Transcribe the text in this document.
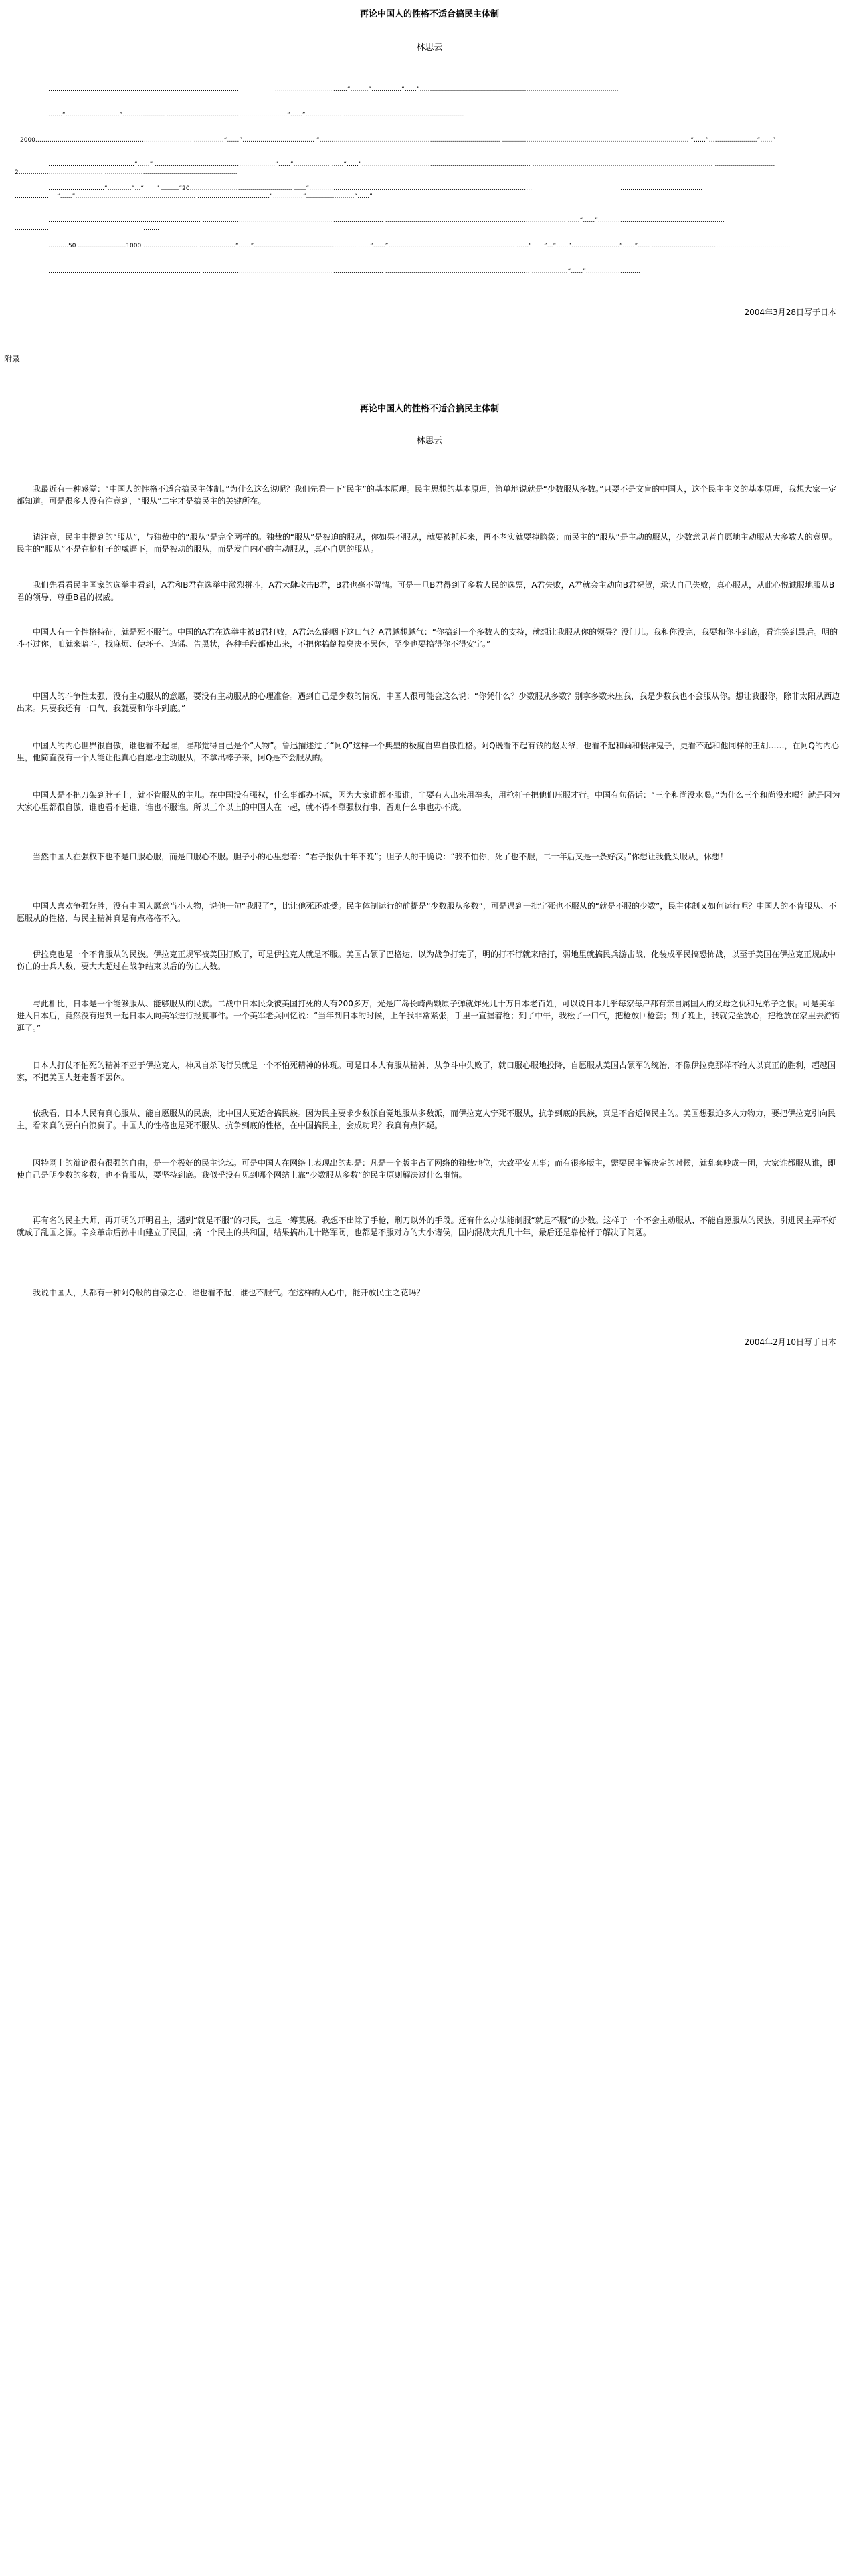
再论中国人的性格不适合搞民主体制

林思云

……………………………………………………………………………………………………………… ………………………………“………”……………“……”………………………………………………………………………………………

…………………“………………………”………………… ……………………………………………………“……”……………… ……………………………………………………

2000…………………………………………………………………… ……………“……”……………………………… “……………………………………………………………………………… ………………………………………………………………………………… “……”……………………“……”

…………………………………………………“……” ……………………………………………………“……”……………… ……“……”………………………………………………………………………… ……………………………………………………………………………… …………………………2…………………………………… …………………………………………………………

……………………………………“…………”…“……” ………“20…………………………………………… ……“………………………………………………………………………………………………… ………………………………………………………………………… …………………“……”…………………………………………………… ………………………………“……………”……………………“……”

……………………………………………………………………………… ……………………………………………………………………………… ……………………………………………………………………………… ……“……”……………………………………………………… ………………………………………………………………

……………………50 ……………………1000 ……………………… ………………“……”…………………………………………… ……“……”……………………………………………………… ……“……”…“……”……………………“……”…… ……………………………………………………………

……………………………………………………………………………… ……………………………………………………………………………… ……………………………………………………………… ………………“……”………………………

2004年3月28日写于日本

附录

再论中国人的性格不适合搞民主体制

林思云

我最近有一种感觉：“中国人的性格不适合搞民主体制。”为什么这么说呢？我们先看一下“民主”的基本原理。民主思想的基本原理，简单地说就是“少数服从多数。”只要不是文盲的中国人，这个民主主义的基本原理，我想大家一定都知道。可是很多人没有注意到，“服从”二字才是搞民主的关键所在。

请注意，民主中提到的“服从”，与独裁中的“服从”是完全两样的。独裁的“服从”是被迫的服从，你如果不服从，就要被抓起来，再不老实就要掉脑袋；而民主的“服从”是主动的服从，少数意见者自愿地主动服从大多数人的意见。民主的“服从”不是在枪杆子的威逼下，而是被动的服从，而是发自内心的主动服从，真心自愿的服从。

我们先看看民主国家的选举中看到，A君和B君在选举中激烈拼斗，A君大肆攻击B君，B君也毫不留情。可是一旦B君得到了多数人民的选票，A君失败，A君就会主动向B君祝贺，承认自己失败，真心服从，从此心悦诚服地服从B君的领导，尊重B君的权威。

中国人有一个性格特征，就是死不服气。中国的A君在选举中被B君打败，A君怎么能咽下这口气？A君越想越气：“你搞到一个多数人的支持，就想让我服从你的领导？没门儿。我和你没完，我要和你斗到底，看谁笑到最后。明的斗不过你，咱就来暗斗，找麻烦、使坏子、造谣、告黑状，各种手段都使出来，不把你搞倒搞臭决不罢休，至少也要搞得你不得安宁。”

中国人的斗争性太强，没有主动服从的意愿，要没有主动服从的心理准备。遇到自己是少数的情况，中国人很可能会这么说：“你凭什么？少数服从多数？别拿多数来压我，我是少数我也不会服从你。想让我服你，除非太阳从西边出来。只要我还有一口气，我就要和你斗到底。”

中国人的内心世界很自傲，谁也看不起谁，谁都觉得自己是个“人物”。鲁迅描述过了“阿Q”这样一个典型的极度自卑自傲性格。阿Q既看不起有钱的赵太爷，也看不起和尚和假洋鬼子，更看不起和他同样的王胡……，在阿Q的内心里，他简直没有一个人能让他真心自愿地主动服从，不拿出棒子来，阿Q是不会服从的。

中国人是不把刀架到脖子上，就不肯服从的主儿。在中国没有强权，什么事都办不成，因为大家谁都不服谁，非要有人出来用拳头，用枪杆子把他们压服才行。中国有句俗话：“三个和尚没水喝。”为什么三个和尚没水喝？就是因为大家心里都很自傲，谁也看不起谁，谁也不服谁。所以三个以上的中国人在一起，就不得不靠强权行事，否则什么事也办不成。

当然中国人在强权下也不是口服心服，而是口服心不服。胆子小的心里想着：“君子报仇十年不晚”；胆子大的干脆说：“我不怕你，死了也不服，二十年后又是一条好汉。”你想让我低头服从，休想！

中国人喜欢争强好胜，没有中国人愿意当小人物，说他一句“我服了”，比让他死还难受。民主体制运行的前提是“少数服从多数”，可是遇到一批宁死也不服从的“就是不服的少数”，民主体制又如何运行呢？中国人的不肯服从、不愿服从的性格，与民主精神真是有点格格不入。

伊拉克也是一个不肯服从的民族。伊拉克正规军被美国打败了，可是伊拉克人就是不服。美国占领了巴格达，以为战争打完了，明的打不行就来暗打，弱地里就搞民兵游击战，化装成平民搞恐怖战，以至于美国在伊拉克正规战中伤亡的士兵人数，要大大超过在战争结束以后的伤亡人数。

与此相比，日本是一个能够服从、能够服从的民族。二战中日本民众被美国打死的人有200多万，光是广岛长崎两颗原子弹就炸死几十万日本老百姓，可以说日本几乎每家每户都有亲自属国人的父母之仇和兄弟子之恨。可是美军进入日本后，竟然没有遇到一起日本人向美军进行报复事件。一个美军老兵回忆说：“当年到日本的时候，上午我非常紧张，手里一直握着枪；到了中午，我松了一口气，把枪放回枪套；到了晚上，我就完全放心，把枪放在家里去游街逛了。”

日本人打仗不怕死的精神不亚于伊拉克人，神风自杀飞行员就是一个不怕死精神的体现。可是日本人有服从精神，从争斗中失败了，就口服心服地投降，自愿服从美国占领军的统治，不像伊拉克那样不给人以真正的胜利，超越国家，不把美国人赶走誓不罢休。

依我看，日本人民有真心服从、能自愿服从的民族，比中国人更适合搞民族。因为民主要求少数派自觉地服从多数派，而伊拉克人宁死不服从，抗争到底的民族，真是不合适搞民主的。美国想强迫多人力物力，要把伊拉克引向民主，看来真的要白白浪费了。中国人的性格也是死不服从、抗争到底的性格，在中国搞民主，会成功吗？我真有点怀疑。

因特网上的辩论很有很强的自由，是一个极好的民主论坛。可是中国人在网络上表现出的却是：凡是一个版主占了网络的独裁地位，大致平安无事；而有很多版主，需要民主解决定的时候，就乱套吵成一团，大家谁都服从谁，即使自己是明少数的多数，也不肯服从，要坚持到底。我似乎没有见到哪个网站上靠“少数服从多数”的民主原则解决过什么事情。

再有名的民主大师，再开明的开明君主，遇到“就是不服”的刁民，也是一筹莫展。我想不出除了手枪，刑刀以外的手段。还有什么办法能制服“就是不服”的少数。这样子一个不会主动服从、不能自愿服从的民族，引进民主弄不好就成了乱国之源。辛亥革命后孙中山建立了民国，搞一个民主的共和国，结果搞出几十路军阀，也都是不服对方的大小诸侯，国内混战大乱几十年，最后还是靠枪杆子解决了问题。

我说中国人，大都有一种阿Q般的自傲之心，谁也看不起，谁也不服气。在这样的人心中，能开放民主之花吗？

2004年2月10日写于日本
